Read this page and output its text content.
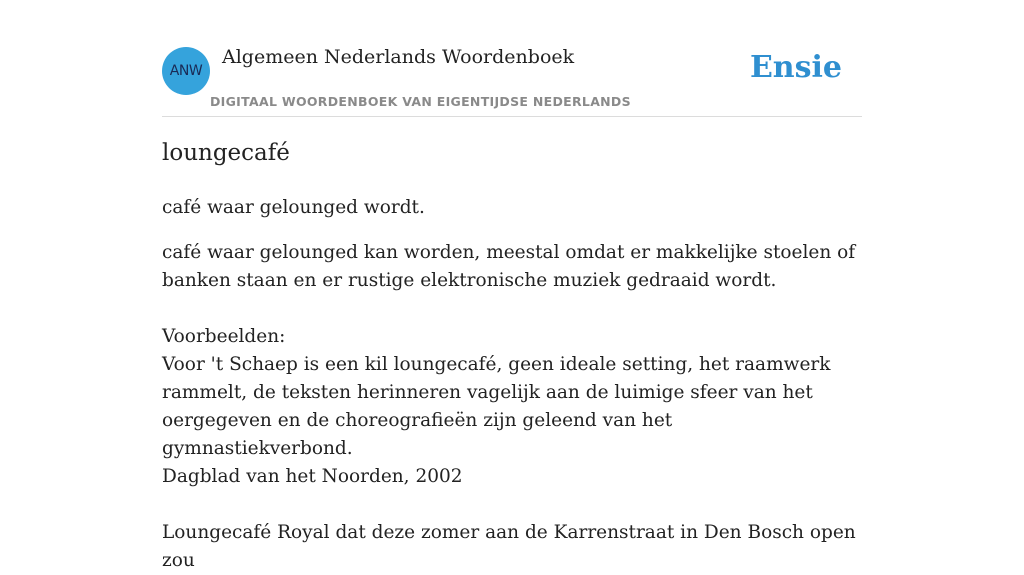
ANW
Algemeen Nederlands Woordenboek
DIGITAAL WOORDENBOEK VAN EIGENTIJDSE NEDERLANDS
Ensie
loungecafé
café waar gelounged wordt.
café waar gelounged kan worden, meestal omdat er makkelijke stoelen of banken staan en er rustige elektronische muziek gedraaid wordt.

Voorbeelden:
Voor 't Schaep is een kil loungecafé, geen ideale setting, het raamwerk rammelt, de teksten herinneren vagelijk aan de luimige sfeer van het oergegeven en de choreografieën zijn geleend van het gymnastiekverbond.
Dagblad van het Noorden, 2002

Loungecafé Royal dat deze zomer aan de Karrenstraat in Den Bosch open zou
